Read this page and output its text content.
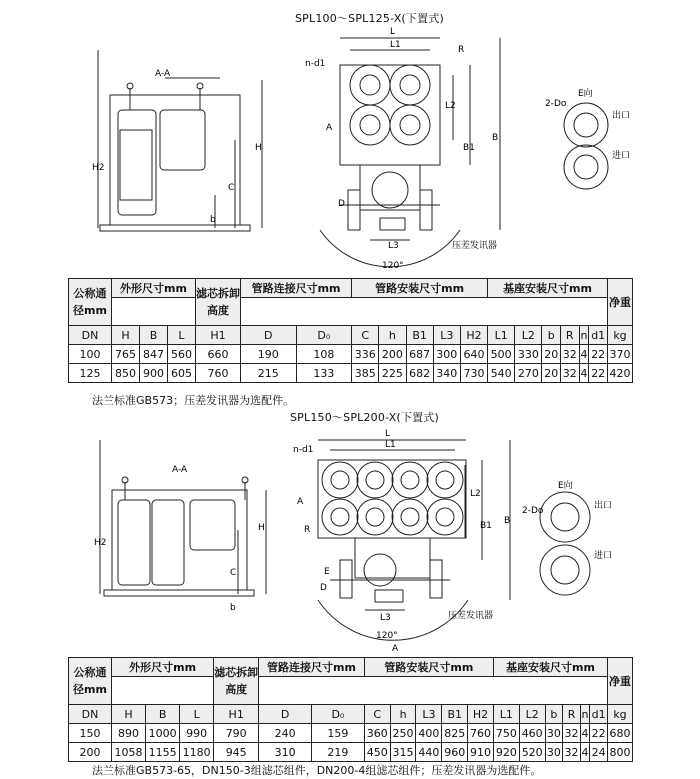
SPL100～SPL125-X(下置式)
A-A
H2
H
C
b
L
L1	R
n-d1
A
L2
B1
B
D
L3	压差发讯器
120°
E向
2-Do
出口
进口
公称通径mm	外形尺寸mm			滤芯拆卸高度	管路连接尺寸mm		管路安装尺寸mm					基座安装尺寸mm						净重

DN	H	B	L	H1	D	D₀	C	h	B1	L3	H2	L1	L2	b	R	n	d1	kg
100	765	847	560	660	190	108	336	200	687	300	640	500	330	20	32	4	22	370
125	850	900	605	760	215	133	385	225	682	340	730	540	270	20	32	4	22	420
法兰标准GB573；压差发讯器为选配件。
SPL150～SPL200-X(下置式)
A-A
H2
H
C
b
L
L1
R
n-d1
A
L2
B1 B
D
E
L3	压差发讯器
120°
A
E向
2-Do	出口
进口
公称通径mm	外形尺寸mm			滤芯拆卸高度	管路连接尺寸mm		管路安装尺寸mm					基座安装尺寸mm						净重

DN	H	B	L	H1	D	D₀	C	h	L3	B1	H2	L1	L2	b	R	n	d1	kg
150	890	1000	990	790	240	159	360	250	400	825	760	750	460	30	32	4	22	680
200	1058	1155	1180	945	310	219	450	315	440	960	910	920	520	30	32	4	24	800
法兰标准GB573-65，DN150-3组滤芯组件，DN200-4组滤芯组件；压差发讯器为选配件。
